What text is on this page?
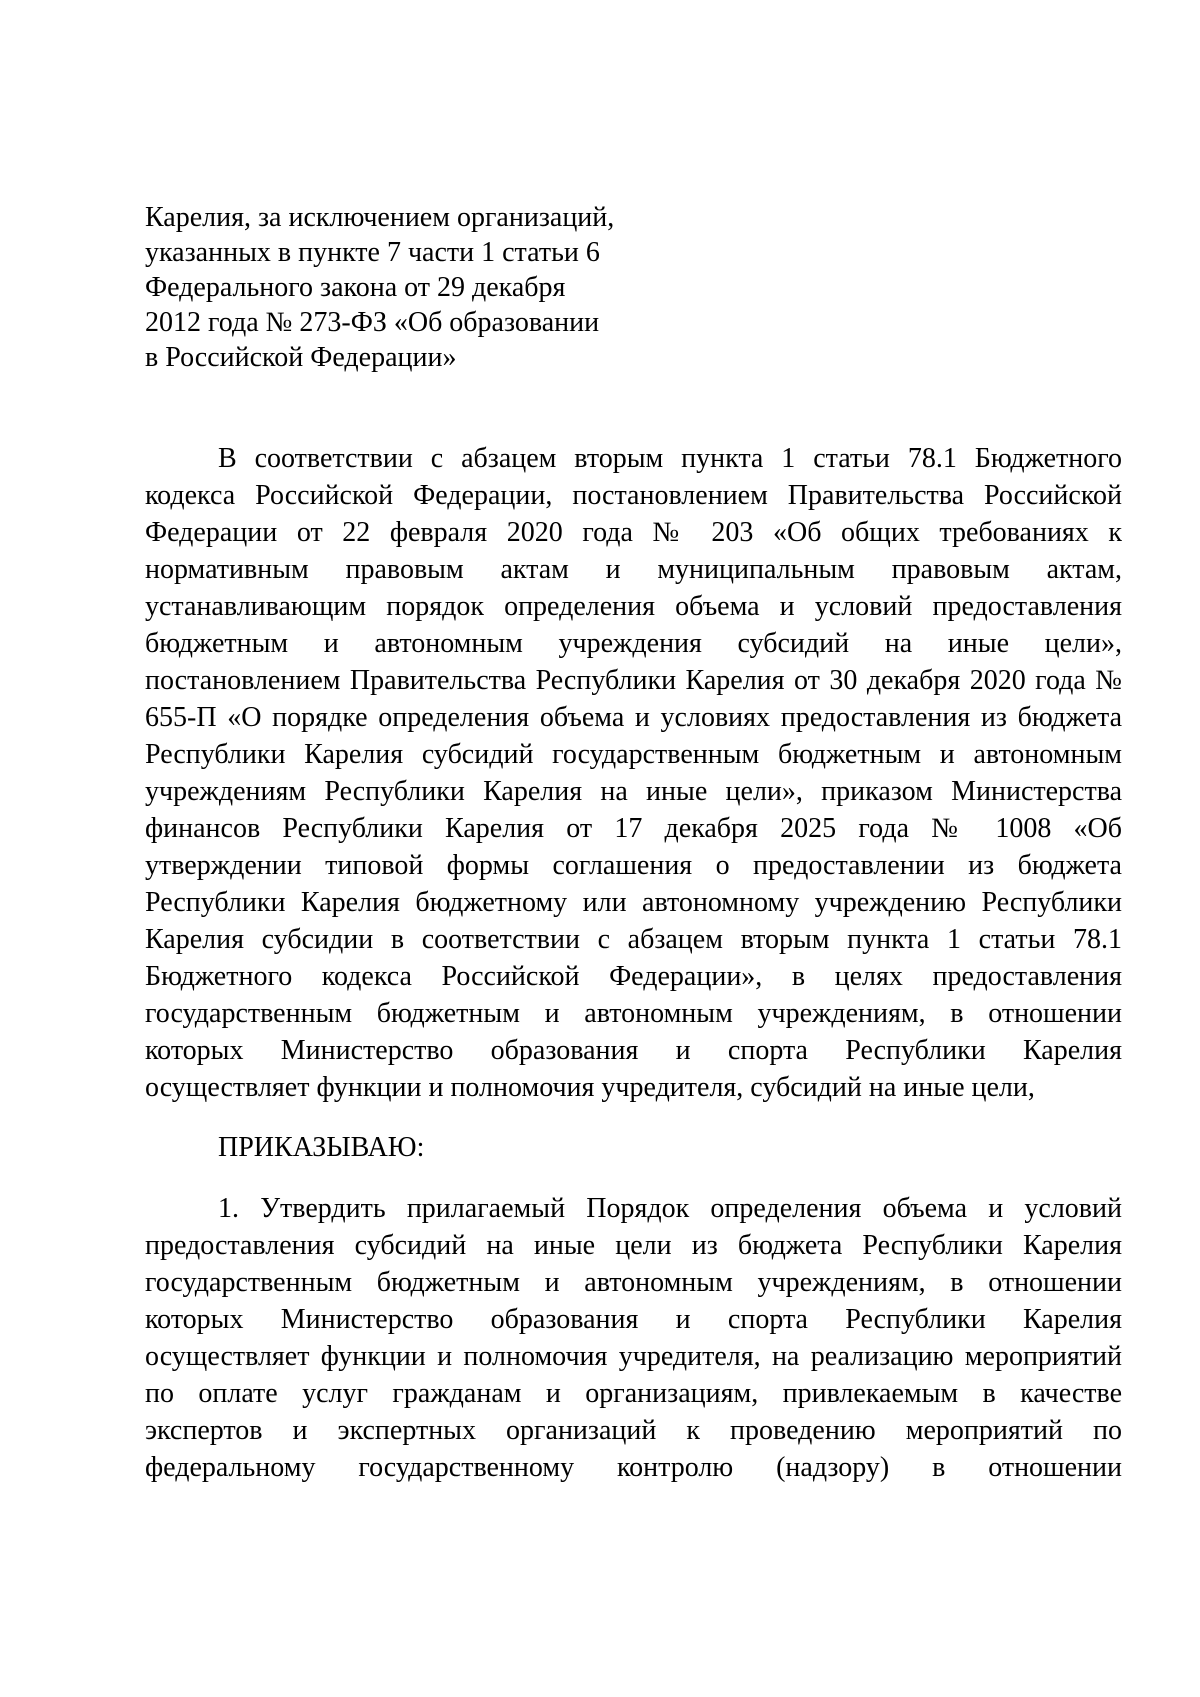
Карелия, за исключением организаций,
указанных в пункте 7 части 1 статьи 6
Федерального закона от 29 декабря
2012 года № 273-ФЗ «Об образовании
в Российской Федерации»
В соответствии с абзацем вторым пункта 1 статьи 78.1 Бюджетного
кодекса Российской Федерации, постановлением Правительства Российской
Федерации от 22 февраля 2020 года № 203 «Об общих требованиях к
нормативным правовым актам и муниципальным правовым актам,
устанавливающим порядок определения объема и условий предоставления
бюджетным и автономным учреждения субсидий на иные цели»,
постановлением Правительства Республики Карелия от 30 декабря 2020 года №
655-П «О порядке определения объема и условиях предоставления из бюджета
Республики Карелия субсидий государственным бюджетным и автономным
учреждениям Республики Карелия на иные цели», приказом Министерства
финансов Республики Карелия от 17 декабря 2025 года № 1008 «Об
утверждении типовой формы соглашения о предоставлении из бюджета
Республики Карелия бюджетному или автономному учреждению Республики
Карелия субсидии в соответствии с абзацем вторым пункта 1 статьи 78.1
Бюджетного кодекса Российской Федерации», в целях предоставления
государственным бюджетным и автономным учреждениям, в отношении
которых Министерство образования и спорта Республики Карелия
осуществляет функции и полномочия учредителя, субсидий на иные цели,
ПРИКАЗЫВАЮ:
1. Утвердить прилагаемый Порядок определения объема и условий
предоставления субсидий на иные цели из бюджета Республики Карелия
государственным бюджетным и автономным учреждениям, в отношении
которых Министерство образования и спорта Республики Карелия
осуществляет функции и полномочия учредителя, на реализацию мероприятий
по оплате услуг гражданам и организациям, привлекаемым в качестве
экспертов и экспертных организаций к проведению мероприятий по
федеральному государственному контролю (надзору) в отношении
